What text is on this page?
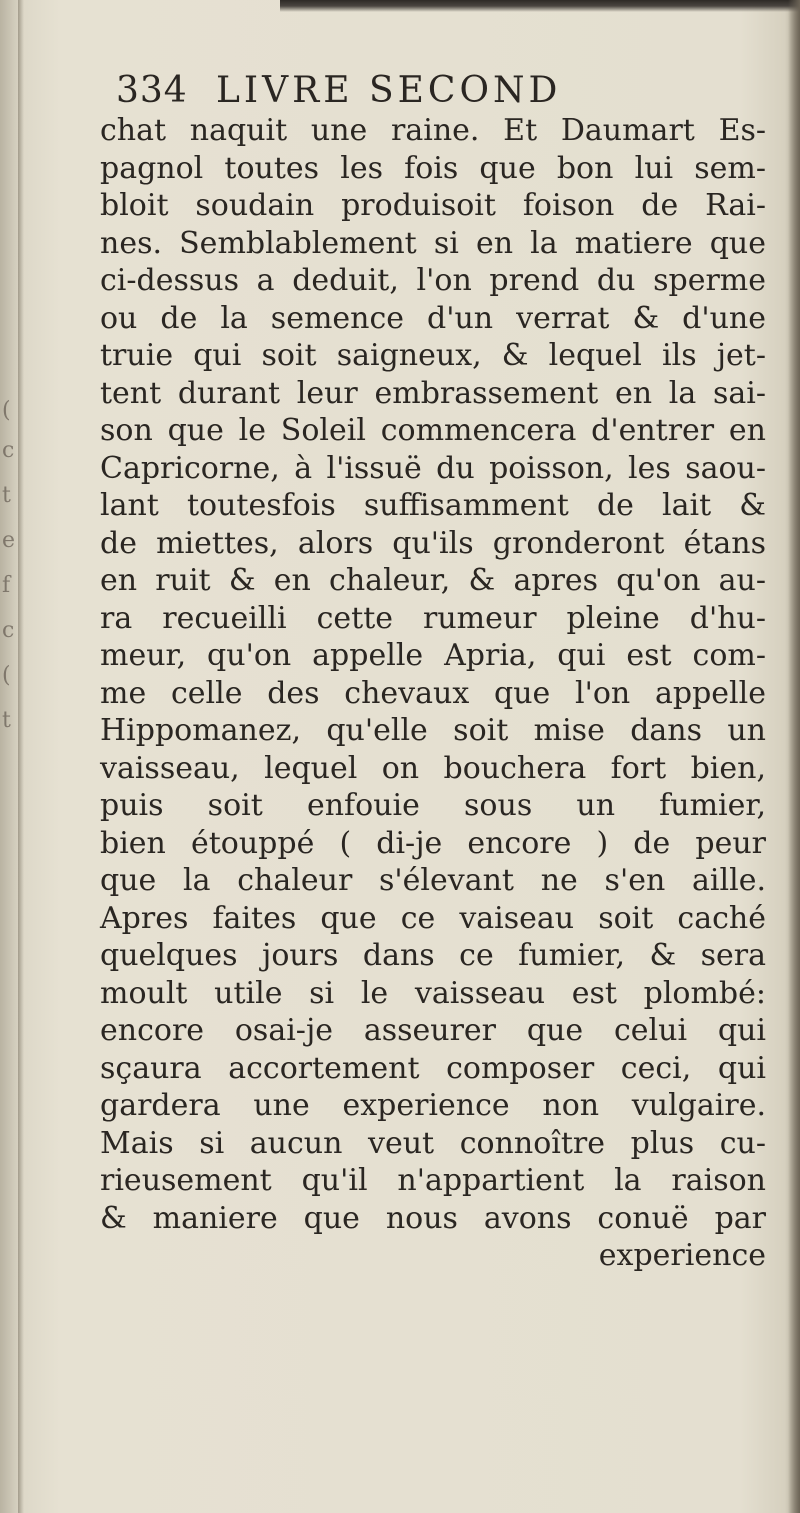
(
c
t
e
f
c
(
t
334 LIVRE SECOND
chat naquit une raine. Et Daumart Es-
pagnol toutes les fois que bon lui sem-
bloit soudain produisoit foison de Rai-
nes. Semblablement si en la matiere que
ci-dessus a deduit, l'on prend du sperme
ou de la semence d'un verrat & d'une
truie qui soit saigneux, & lequel ils jet-
tent durant leur embrassement en la sai-
son que le Soleil commencera d'entrer en
Capricorne, à l'issuë du poisson, les saou-
lant toutesfois suffisamment de lait &
de miettes, alors qu'ils gronderont étans
en ruit & en chaleur, & apres qu'on au-
ra recueilli cette rumeur pleine d'hu-
meur, qu'on appelle Apria, qui est com-
me celle des chevaux que l'on appelle
Hippomanez, qu'elle soit mise dans un
vaisseau, lequel on bouchera fort bien,
puis soit enfouie sous un fumier,
bien étouppé ( di-je encore ) de peur
que la chaleur s'élevant ne s'en aille.
Apres faites que ce vaiseau soit caché
quelques jours dans ce fumier, & sera
moult utile si le vaisseau est plombé:
encore osai-je asseurer que celui qui
sçaura accortement composer ceci, qui
gardera une experience non vulgaire.
Mais si aucun veut connoître plus cu-
rieusement qu'il n'appartient la raison
& maniere que nous avons conuë par
experience
